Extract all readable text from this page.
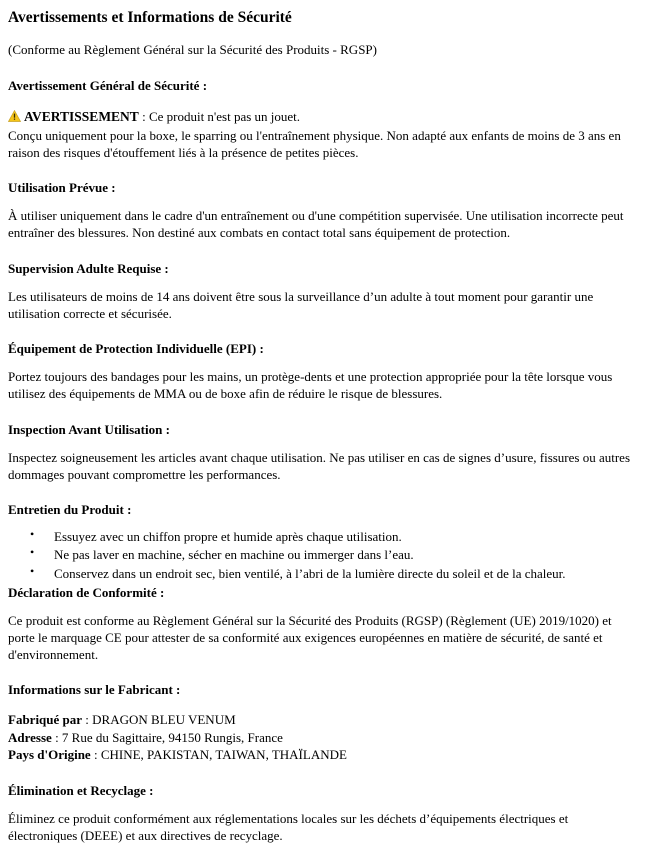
Avertissements et Informations de Sécurité

(Conforme au Règlement Général sur la Sécurité des Produits - RGSP)

Avertissement Général de Sécurité :

AVERTISSEMENT : Ce produit n'est pas un jouet.

Conçu uniquement pour la boxe, le sparring ou l'entraînement physique. Non adapté aux enfants de moins de 3 ans en raison des risques d'étouffement liés à la présence de petites pièces.

Utilisation Prévue :

À utiliser uniquement dans le cadre d'un entraînement ou d'une compétition supervisée. Une utilisation incorrecte peut entraîner des blessures. Non destiné aux combats en contact total sans équipement de protection.

Supervision Adulte Requise :

Les utilisateurs de moins de 14 ans doivent être sous la surveillance d’un adulte à tout moment pour garantir une utilisation correcte et sécurisée.

Équipement de Protection Individuelle (EPI) :

Portez toujours des bandages pour les mains, un protège-dents et une protection appropriée pour la tête lorsque vous utilisez des équipements de MMA ou de boxe afin de réduire le risque de blessures.

Inspection Avant Utilisation :

Inspectez soigneusement les articles avant chaque utilisation. Ne pas utiliser en cas de signes d’usure, fissures ou autres dommages pouvant compromettre les performances.

Entretien du Produit :
• Essuyez avec un chiffon propre et humide après chaque utilisation.
• Ne pas laver en machine, sécher en machine ou immerger dans l’eau.
• Conservez dans un endroit sec, bien ventilé, à l’abri de la lumière directe du soleil et de la chaleur.
Déclaration de Conformité :

Ce produit est conforme au Règlement Général sur la Sécurité des Produits (RGSP) (Règlement (UE) 2019/1020) et porte le marquage CE pour attester de sa conformité aux exigences européennes en matière de sécurité, de santé et d'environnement.

Informations sur le Fabricant :
Fabriqué par : DRAGON BLEU VENUM
Adresse : 7 Rue du Sagittaire, 94150 Rungis, France
Pays d'Origine : CHINE, PAKISTAN, TAIWAN, THAÏLANDE
Élimination et Recyclage :

Éliminez ce produit conformément aux réglementations locales sur les déchets d’équipements électriques et électroniques (DEEE) et aux directives de recyclage.
